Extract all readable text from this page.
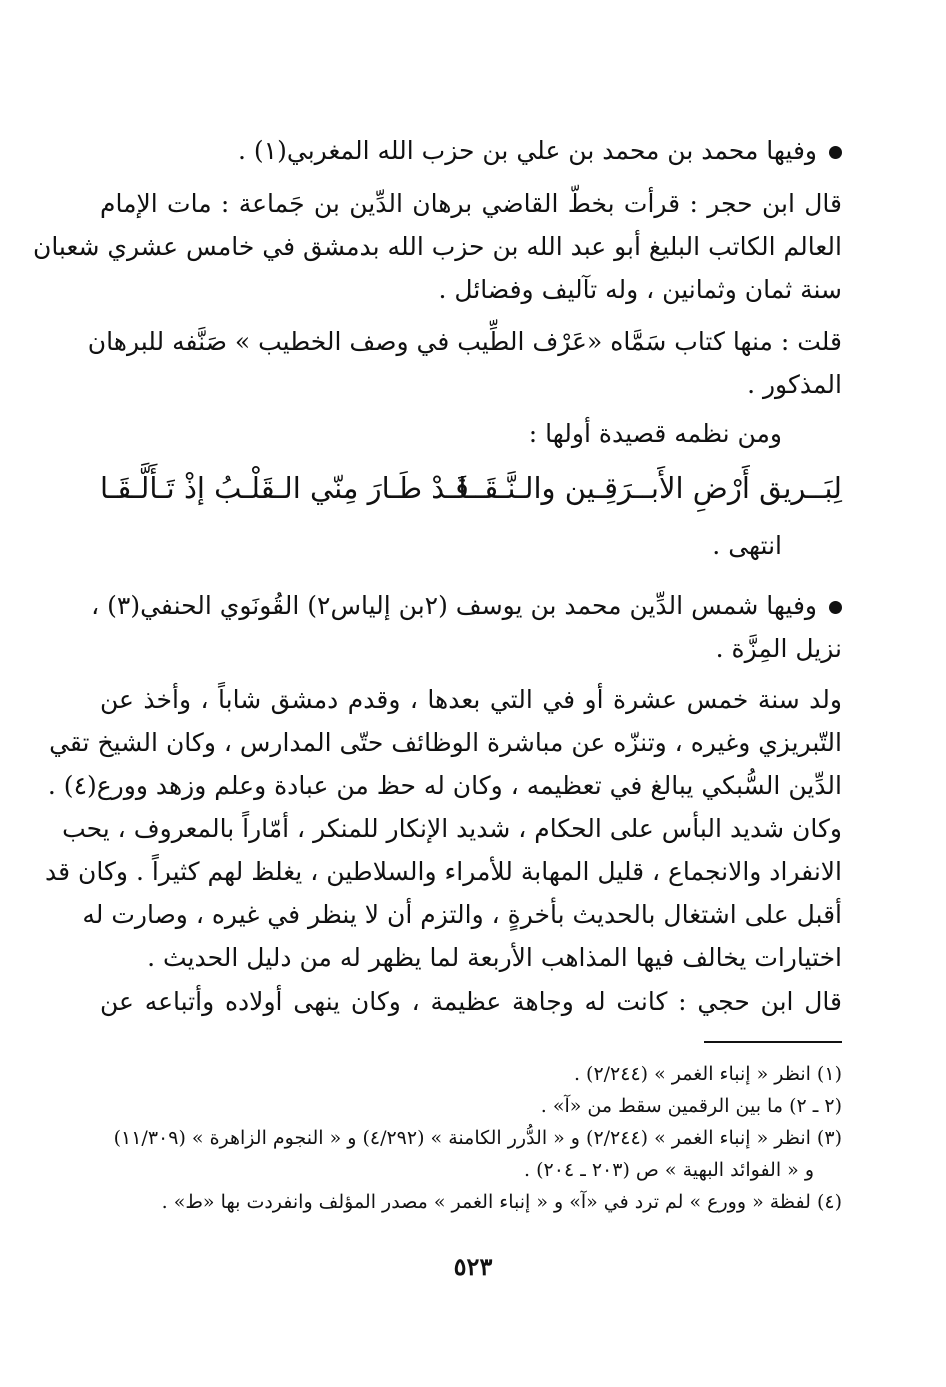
وفيها محمد بن محمد بن علي بن حزب الله المغربي(١) .
قال ابن حجر : قرأت بخطّ القاضي برهان الدِّين بن جَماعة : مات الإمام
العالم الكاتب البليغ أبو عبد الله بن حزب الله بدمشق في خامس عشري شعبان
سنة ثمان وثمانين ، وله تآليف وفضائل .
قلت : منها كتاب سَمَّاه «عَرْف الطِّيب في وصف الخطيب » صَنَّفه للبرهان
المذكور .
ومن نظمه قصيدة أولها :
لِبَــريق أَرْضِ الأَبــرَقِـين والـنَّـقَــا
قَـدْ طَـارَ مِنّي الـقَلْـبُ إذْ تَـأَلَّـقَـا
انتهى .
وفيها شمس الدِّين محمد بن يوسف (٢بن إلياس٢) القُونَوي الحنفي(٣) ،
نزيل المِزَّة .
ولد سنة خمس عشرة أو في التي بعدها ، وقدم دمشق شاباً ، وأخذ عن
التّبريزي وغيره ، وتنزّه عن مباشرة الوظائف حتّى المدارس ، وكان الشيخ تقي
الدِّين السُّبكي يبالغ في تعظيمه ، وكان له حظ من عبادة وعلم وزهد وورع(٤) .
وكان شديد البأس على الحكام ، شديد الإنكار للمنكر ، أمّاراً بالمعروف ، يحب
الانفراد والانجماع ، قليل المهابة للأمراء والسلاطين ، يغلظ لهم كثيراً . وكان قد
أقبل على اشتغال بالحديث بأخرةٍ ، والتزم أن لا ينظر في غيره ، وصارت له
اختيارات يخالف فيها المذاهب الأربعة لما يظهر له من دليل الحديث .
قال ابن حجي : كانت له وجاهة عظيمة ، وكان ينهى أولاده وأتباعه عن
(١) انظر « إنباء الغمر » (٢/٢٤٤) .
(٢ ـ ٢) ما بين الرقمين سقط من «آ» .
(٣) انظر « إنباء الغمر » (٢/٢٤٤) و « الدُّرر الكامنة » (٤/٢٩٢) و « النجوم الزاهرة » (١١/٣٠٩)
و « الفوائد البهية » ص (٢٠٣ ـ ٢٠٤) .
(٤) لفظة « وورع » لم ترد في «آ» و « إنباء الغمر » مصدر المؤلف وانفردت بها «ط» .
٥٢٣
